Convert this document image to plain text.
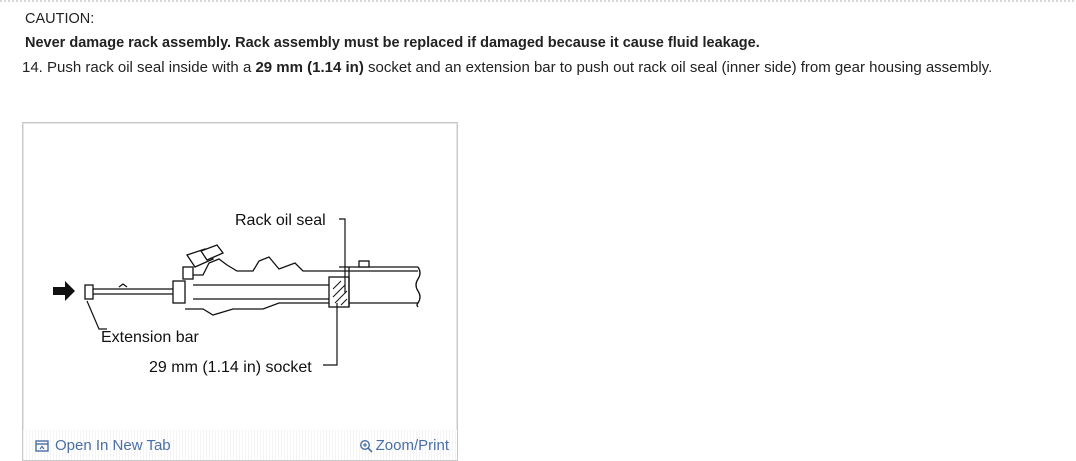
CAUTION:
Never damage rack assembly. Rack assembly must be replaced if damaged because it cause fluid leakage.
14. Push rack oil seal inside with a 29 mm (1.14 in) socket and an extension bar to push out rack oil seal (inner side) from gear housing assembly.
Rack oil seal
Extension bar
29 mm (1.14 in) socket
Open In New Tab	Zoom/Print
